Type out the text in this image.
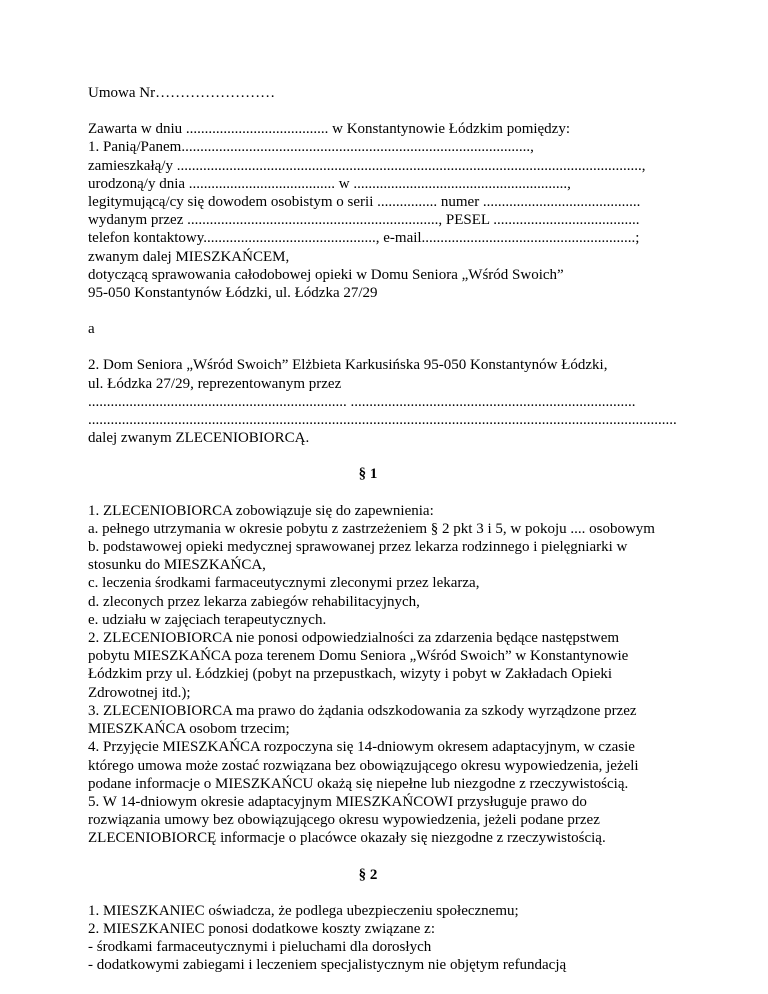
Umowa Nr……………………
Zawarta w dniu ...................................... w Konstantynowie Łódzkim pomiędzy:
1. Panią/Panem.............................................................................................,
zamieszkałą/y ............................................................................................................................,
urodzoną/y dnia ....................................... w .........................................................,
legitymującą/cy się dowodem osobistym o serii ................ numer ..........................................
wydanym przez ..................................................................., PESEL .......................................
telefon kontaktowy.............................................., e-mail.........................................................;
zwanym dalej MIESZKAŃCEM,
dotyczącą sprawowania całodobowej opieki w Domu Seniora „Wśród Swoich”
95-050 Konstantynów Łódzki, ul. Łódzka 27/29
a
2. Dom Seniora „Wśród Swoich” Elżbieta Karkusińska 95-050 Konstantynów Łódzki,
ul. Łódzka 27/29, reprezentowanym przez
..................................................................... ............................................................................
.............................................................................................................................................................
dalej zwanym ZLECENIOBIORCĄ.
§ 1
1. ZLECENIOBIORCA zobowiązuje się do zapewnienia:
a. pełnego utrzymania w okresie pobytu z zastrzeżeniem § 2 pkt 3 i 5, w pokoju .... osobowym
b. podstawowej opieki medycznej sprawowanej przez lekarza rodzinnego i pielęgniarki w
stosunku do MIESZKAŃCA,
c. leczenia środkami farmaceutycznymi zleconymi przez lekarza,
d. zleconych przez lekarza zabiegów rehabilitacyjnych,
e. udziału w zajęciach terapeutycznych.
2. ZLECENIOBIORCA nie ponosi odpowiedzialności za zdarzenia będące następstwem
pobytu MIESZKAŃCA poza terenem Domu Seniora „Wśród Swoich” w Konstantynowie
Łódzkim przy ul. Łódzkiej (pobyt na przepustkach, wizyty i pobyt w Zakładach Opieki
Zdrowotnej itd.);
3. ZLECENIOBIORCA ma prawo do żądania odszkodowania za szkody wyrządzone przez
MIESZKAŃCA osobom trzecim;
4. Przyjęcie MIESZKAŃCA rozpoczyna się 14-dniowym okresem adaptacyjnym, w czasie
którego umowa może zostać rozwiązana bez obowiązującego okresu wypowiedzenia, jeżeli
podane informacje o MIESZKAŃCU okażą się niepełne lub niezgodne z rzeczywistością.
5. W 14-dniowym okresie adaptacyjnym MIESZKAŃCOWI przysługuje prawo do
rozwiązania umowy bez obowiązującego okresu wypowiedzenia, jeżeli podane przez
ZLECENIOBIORCĘ informacje o placówce okazały się niezgodne z rzeczywistością.
§ 2
1. MIESZKANIEC oświadcza, że podlega ubezpieczeniu społecznemu;
2. MIESZKANIEC ponosi dodatkowe koszty związane z:
- środkami farmaceutycznymi i pieluchami dla dorosłych
- dodatkowymi zabiegami i leczeniem specjalistycznym nie objętym refundacją
